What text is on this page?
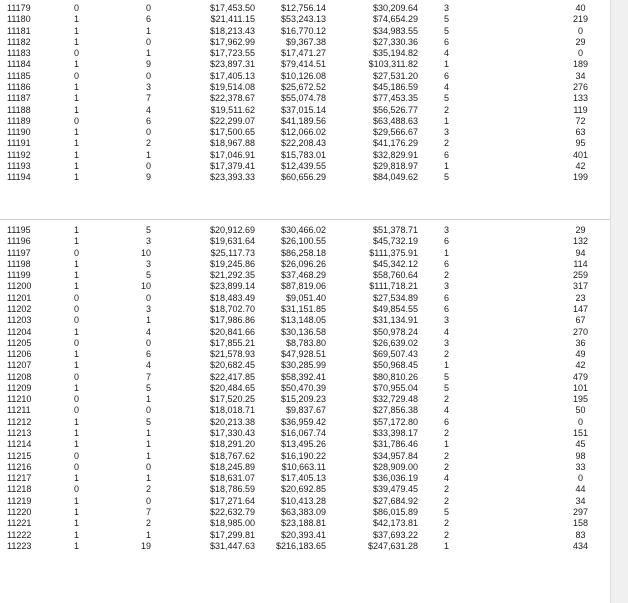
11179	0	0	$17,453.50	$12,756.14	$30,209.64	3	40
11180	1	6	$21,411.15	$53,243.13	$74,654.29	5	219
11181	1	1	$18,213.43	$16,770.12	$34,983.55	5	0
11182	1	0	$17,962.99	$9,367.38	$27,330.36	6	29
11183	0	1	$17,723.55	$17,471.27	$35,194.82	4	0
11184	1	9	$23,897.31	$79,414.51	$103,311.82	1	189
11185	0	0	$17,405.13	$10,126.08	$27,531.20	6	34
11186	1	3	$19,514.08	$25,672.52	$45,186.59	4	276
11187	1	7	$22,378.67	$55,074.78	$77,453.35	5	133
11188	1	4	$19,511.62	$37,015.14	$56,526.77	2	119
11189	0	6	$22,299.07	$41,189.56	$63,488.63	1	72
11190	1	0	$17,500.65	$12,066.02	$29,566.67	3	63
11191	1	2	$18,967.88	$22,208.43	$41,176.29	2	95
11192	1	1	$17,046.91	$15,783.01	$32,829.91	6	401
11193	1	0	$17,379.41	$12,439.55	$29,818.97	1	42
11194	1	9	$23,393.33	$60,656.29	$84,049.62	5	199
11195	1	5	$20,912.69	$30,466.02	$51,378.71	3	29
11196	1	3	$19,631.64	$26,100.55	$45,732.19	6	132
11197	0	10	$25,117.73	$86,258.18	$111,375.91	1	94
11198	1	3	$19,245.86	$26,096.26	$45,342.12	6	114
11199	1	5	$21,292.35	$37,468.29	$58,760.64	2	259
11200	1	10	$23,899.14	$87,819.06	$111,718.21	3	317
11201	0	0	$18,483.49	$9,051.40	$27,534.89	6	23
11202	0	3	$18,702.70	$31,151.85	$49,854.55	6	147
11203	0	1	$17,986.86	$13,148.05	$31,134.91	3	67
11204	1	4	$20,841.66	$30,136.58	$50,978.24	4	270
11205	0	0	$17,855.21	$8,783.80	$26,639.02	3	36
11206	1	6	$21,578.93	$47,928.51	$69,507.43	2	49
11207	1	4	$20,682.45	$30,285.99	$50,968.45	1	42
11208	0	7	$22,417.85	$58,392.41	$80,810.26	5	479
11209	1	5	$20,484.65	$50,470.39	$70,955.04	5	101
11210	0	1	$17,520.25	$15,209.23	$32,729.48	2	195
11211	0	0	$18,018.71	$9,837.67	$27,856.38	4	50
11212	1	5	$20,213.38	$36,959.42	$57,172.80	6	0
11213	1	1	$17,330.43	$16,067.74	$33,398.17	2	151
11214	1	1	$18,291.20	$13,495.26	$31,786.46	1	45
11215	0	1	$18,767.62	$16,190.22	$34,957.84	2	98
11216	0	0	$18,245.89	$10,663.11	$28,909.00	2	33
11217	1	1	$18,631.07	$17,405.13	$36,036.19	4	0
11218	0	2	$18,786.59	$20,692.85	$39,479.45	2	44
11219	1	0	$17,271.64	$10,413.28	$27,684.92	2	34
11220	1	7	$22,632.79	$63,383.09	$86,015.89	5	297
11221	1	2	$18,985.00	$23,188.81	$42,173.81	2	158
11222	1	1	$17,299.81	$20,393.41	$37,693.22	2	83
11223	1	19	$31,447.63	$216,183.65	$247,631.28	1	434
